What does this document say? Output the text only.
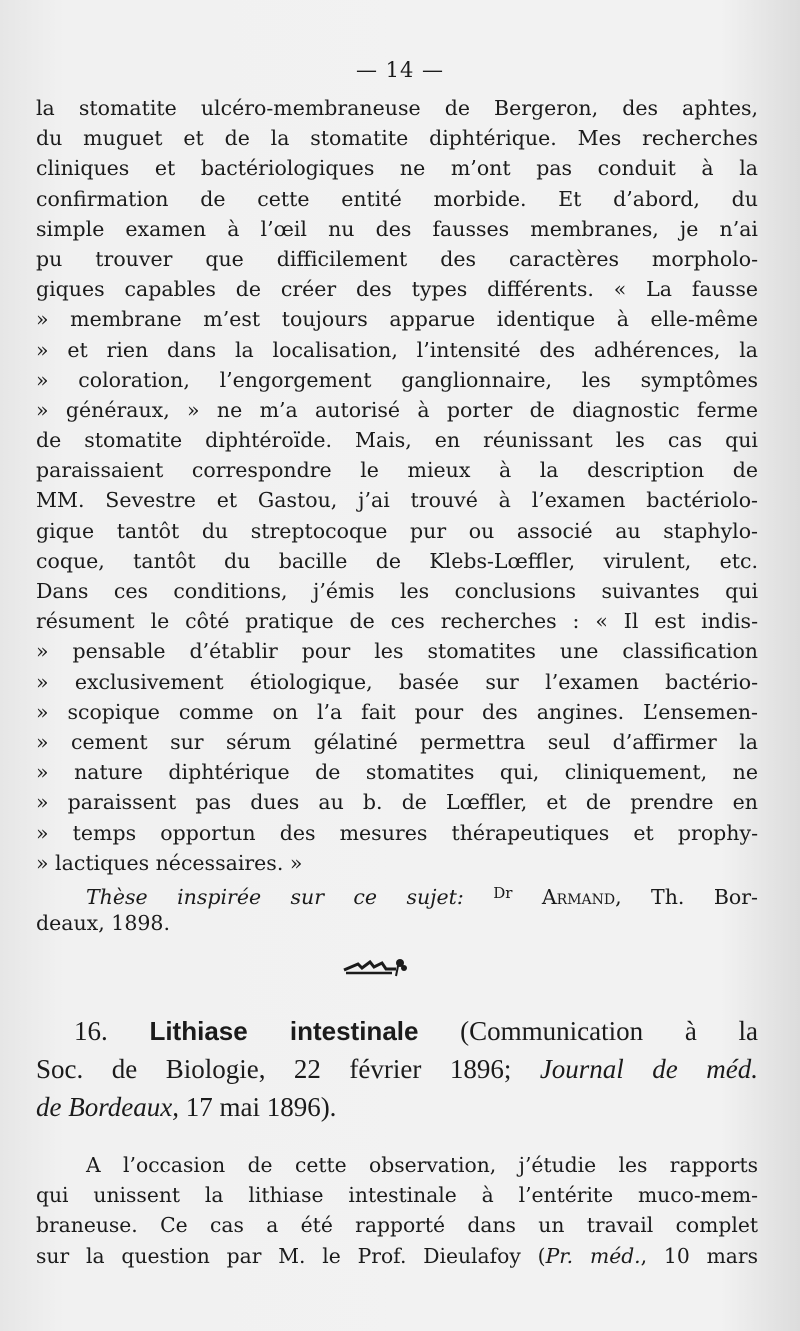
— 14 —
la stomatite ulcéro-membraneuse de Bergeron, des aphtes,
du muguet et de la stomatite diphtérique. Mes recherches
cliniques et bactériologiques ne m’ont pas conduit à la
confirmation de cette entité morbide. Et d’abord, du
simple examen à l’œil nu des fausses membranes, je n’ai
pu trouver que difficilement des caractères morpholo-
giques capables de créer des types différents. « La fausse
» membrane m’est toujours apparue identique à elle-même
» et rien dans la localisation, l’intensité des adhérences, la
» coloration, l’engorgement ganglionnaire, les symptômes
» généraux, » ne m’a autorisé à porter de diagnostic ferme
de stomatite diphtéroïde. Mais, en réunissant les cas qui
paraissaient correspondre le mieux à la description de
MM. Sevestre et Gastou, j’ai trouvé à l’examen bactériolo-
gique tantôt du streptocoque pur ou associé au staphylo-
coque, tantôt du bacille de Klebs-Lœffler, virulent, etc.
Dans ces conditions, j’émis les conclusions suivantes qui
résument le côté pratique de ces recherches : « Il est indis-
» pensable d’établir pour les stomatites une classification
» exclusivement étiologique, basée sur l’examen bactério-
» scopique comme on l’a fait pour des angines. L’ensemen-
» cement sur sérum gélatiné permettra seul d’affirmer la
» nature diphtérique de stomatites qui, cliniquement, ne
» paraissent pas dues au b. de Lœffler, et de prendre en
» temps opportun des mesures thérapeutiques et prophy-
» lactiques nécessaires. »
Thèse inspirée sur ce sujet: $^{Dr}$ Armand, Th. Bor-
deaux, 1898.
16. Lithiase intestinale (Communication à la
Soc. de Biologie, 22 février 1896; Journal de méd.
de Bordeaux, 17 mai 1896).
A l’occasion de cette observation, j’étudie les rapports
qui unissent la lithiase intestinale à l’entérite muco-mem-
braneuse. Ce cas a été rapporté dans un travail complet
sur la question par M. le Prof. Dieulafoy (Pr. méd., 10 mars
